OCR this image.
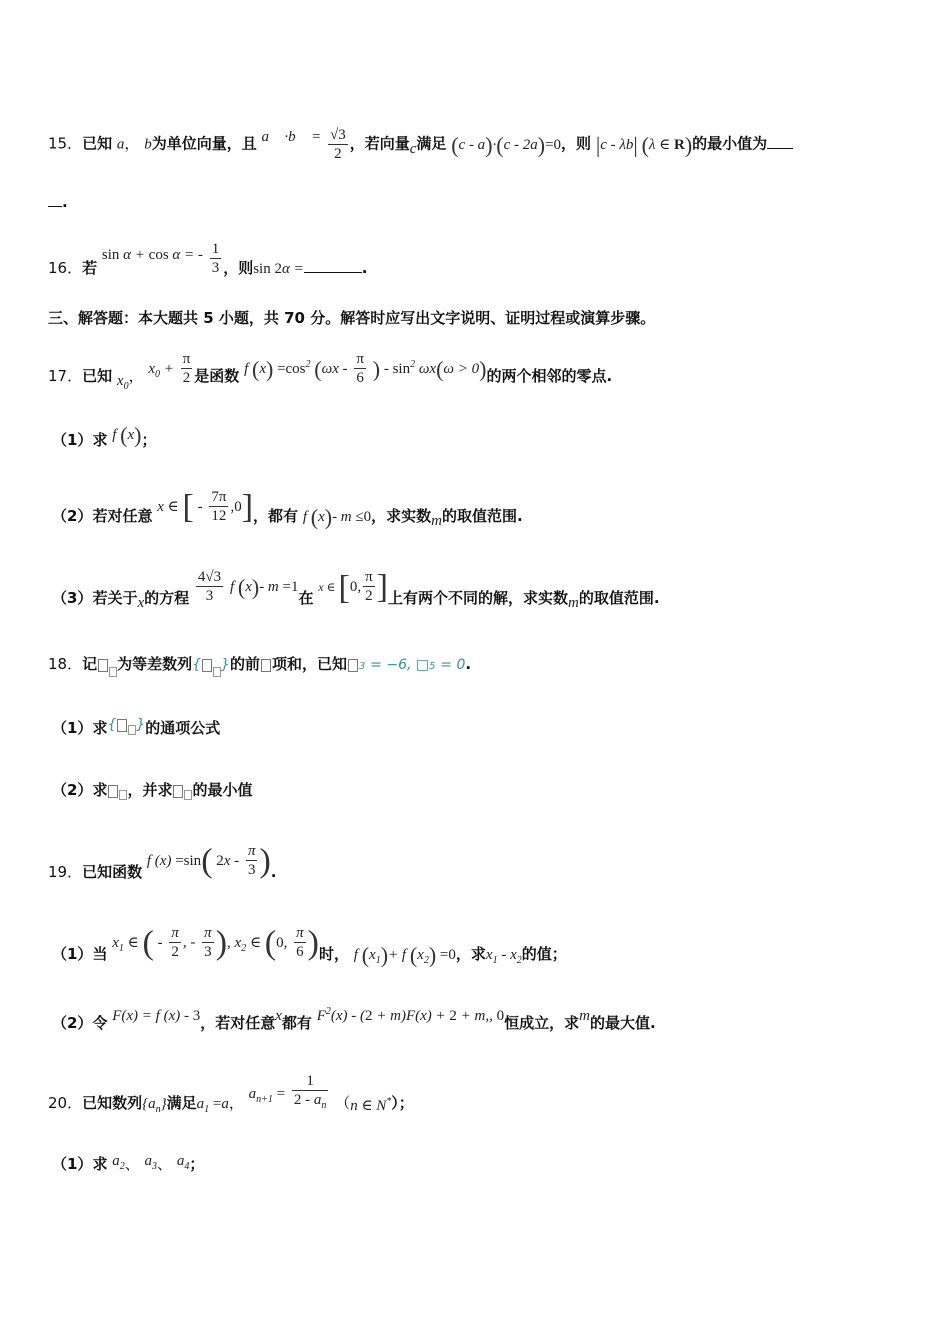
15．已知 a， b为单位向量，且 a⃗ ·b⃗ = $\frac{√3}{2}$ ，若向量c满足 (c - a)·(c - 2a)=0，则 |c - λb| (λ ∈ R)的最小值为
.
16．若 sin α + cos α = - $\frac{1}{3}$ ，则sin 2α =	.
三、解答题：本大题共 5 小题，共 70 分。解答时应写出文字说明、证明过程或演算步骤。
17．已知 $x_0$， $x_0 + \frac{\pi}{2}$ 是函数 f $(x) =\cos^2$ ($\omega x - \frac{\pi}{6}$ ) - $\sin^2 \omega x(\omega > 0)$的两个相邻的零点.
（1）求 f (x)；
（2）若对任意 x ∈ [ - $\frac{7\pi}{12} ,0$]，都有 f (x)- m ≤0，求实数m的取值范围.
（3）若关于x的方程 $\frac{4√3}{3}$ f (x)- m =1在 x ∈ [0, $\frac{\pi}{2}$ ]上有两个不同的解，求实数m的取值范围.
18．记 为等差数列{ }的前 项和，已知 3 = −6, □5 = 0.
（1）求{ }的通项公式
（2）求 ，并求 的最小值
19．已知函数 f (x) =sin( $2x - \frac{\pi}{3}$ ).
（1）当 $x_1$ ∈ ( - $\frac{\pi}{2}$ , - $\frac{\pi}{3}$ ), $x_2$ ∈ (0, $\frac{\pi}{6}$ )时， f $(x_1)+ f$ $(x_2) =0$，求$x_1 - x_2$的值；
（2）令 F(x) = f (x) - 3，若对任意x都有 $F^2(x) - (2 + m)F(x) + 2 + m$,, 0恒成立，求m的最大值.
20．已知数列$\{a_n\}$满足$a_1 =a$， $a_{n+1} = \frac{1}{2 - a_n} (n$ ∈ N*）；
（1）求 $a_2$、 $a_3$、 $a_4$；
